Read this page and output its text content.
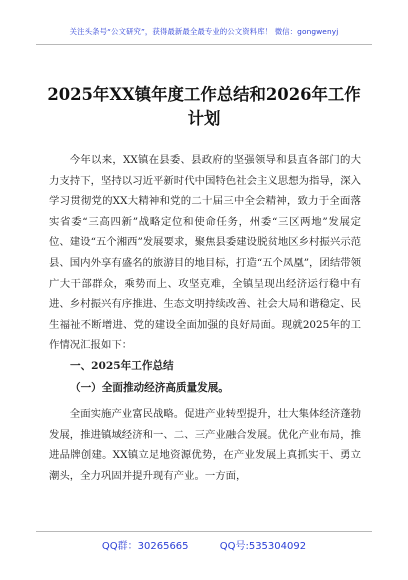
关注头条号“公文研究”，获得最新最全最专业的公文资料库！ 微信：gongwenyj
2025年XX镇年度工作总结和2026年工作计划
今年以来，XX镇在县委、县政府的坚强领导和县直各部门的大力支持下，坚持以习近平新时代中国特色社会主义思想为指导，深入学习贯彻党的XX大精神和党的二十届三中全会精神，致力于全面落实省委“三高四新”战略定位和使命任务，州委“三区两地”发展定位、建设“五个湘西”发展要求，聚焦县委建设脱贫地区乡村振兴示范县、国内外享有盛名的旅游目的地目标，打造“五个凤凰”，团结带领广大干部群众，乘势而上、攻坚克难，全镇呈现出经济运行稳中有进、乡村振兴有序推进、生态文明持续改善、社会大局和谐稳定、民生福祉不断增进、党的建设全面加强的良好局面。现就2025年的工作情况汇报如下：
一、2025年工作总结
（一）全面推动经济高质量发展。
全面实施产业富民战略。促进产业转型提升，壮大集体经济蓬勃发展，推进镇域经济和一、二、三产业融合发展。优化产业布局，推进品牌创建。XX镇立足地资源优势，在产业发展上真抓实干、勇立潮头，全力巩固并提升现有产业。一方面，
QQ群：30265665	QQ号:535304092
